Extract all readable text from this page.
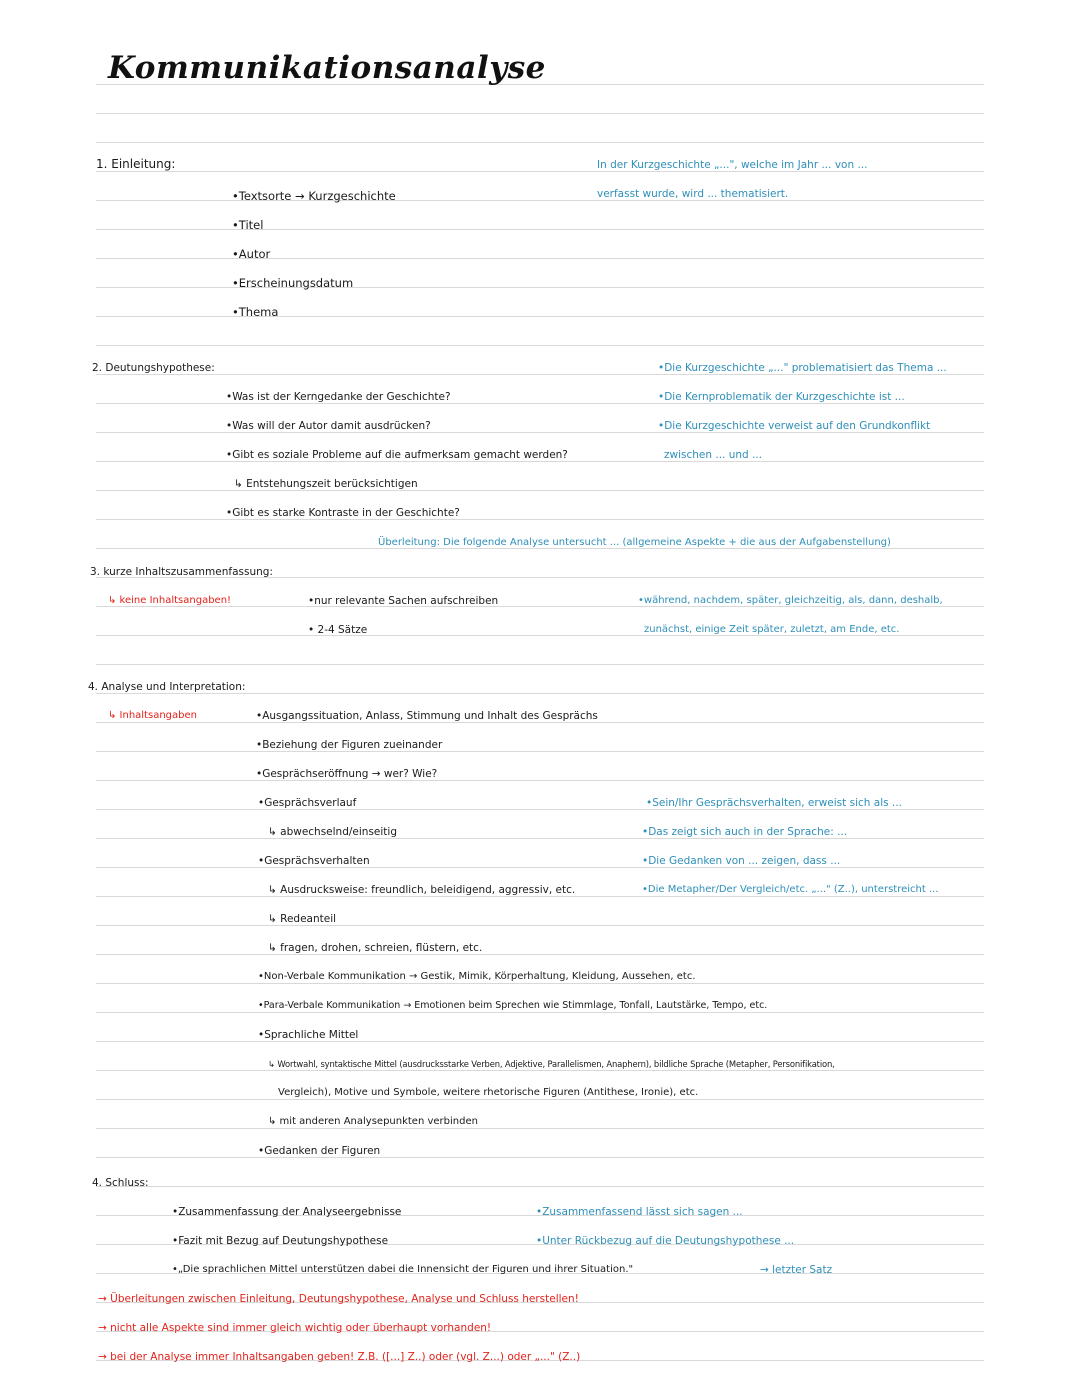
Kommunikationsanalyse
1. Einleitung:
•Textsorte → Kurzgeschichte
•Titel
•Autor
•Erscheinungsdatum
•Thema
In der Kurzgeschichte „...", welche im Jahr ... von ...
verfasst wurde, wird ... thematisiert.
2. Deutungshypothese:
•Was ist der Kerngedanke der Geschichte?
•Was will der Autor damit ausdrücken?
•Gibt es soziale Probleme auf die aufmerksam gemacht werden?
↳ Entstehungszeit berücksichtigen
•Gibt es starke Kontraste in der Geschichte?
•Die Kurzgeschichte „..." problematisiert das Thema ...
•Die Kernproblematik der Kurzgeschichte ist ...
•Die Kurzgeschichte verweist auf den Grundkonflikt
zwischen ... und ...
Überleitung: Die folgende Analyse untersucht ... (allgemeine Aspekte + die aus der Aufgabenstellung)
3. kurze Inhaltszusammenfassung:
↳ keine Inhaltsangaben!	•nur relevante Sachen aufschreiben
• 2-4 Sätze
•während, nachdem, später, gleichzeitig, als, dann, deshalb,
zunächst, einige Zeit später, zuletzt, am Ende, etc.
4. Analyse und Interpretation:
↳ Inhaltsangaben	•Ausgangssituation, Anlass, Stimmung und Inhalt des Gesprächs
•Beziehung der Figuren zueinander
•Gesprächseröffnung → wer? Wie?
•Gesprächsverlauf
↳ abwechselnd/einseitig
•Gesprächsverhalten
↳ Ausdrucksweise: freundlich, beleidigend, aggressiv, etc.
↳ Redeanteil
↳ fragen, drohen, schreien, flüstern, etc.
•Non-Verbale Kommunikation → Gestik, Mimik, Körperhaltung, Kleidung, Aussehen, etc.
•Para-Verbale Kommunikation → Emotionen beim Sprechen wie Stimmlage, Tonfall, Lautstärke, Tempo, etc.
•Sprachliche Mittel
↳ Wortwahl, syntaktische Mittel (ausdrucksstarke Verben, Adjektive, Parallelismen, Anaphern), bildliche Sprache (Metapher, Personifikation,
Vergleich), Motive und Symbole, weitere rhetorische Figuren (Antithese, Ironie), etc.
↳ mit anderen Analysepunkten verbinden
•Gedanken der Figuren
•Sein/Ihr Gesprächsverhalten, erweist sich als ...
•Das zeigt sich auch in der Sprache: ...
•Die Gedanken von ... zeigen, dass ...
•Die Metapher/Der Vergleich/etc. „..." (Z..), unterstreicht ...
4. Schluss:
•Zusammenfassung der Analyseergebnisse
•Fazit mit Bezug auf Deutungshypothese
•„Die sprachlichen Mittel unterstützen dabei die Innensicht der Figuren und ihrer Situation."	→ letzter Satz
•Zusammenfassend lässt sich sagen ...
•Unter Rückbezug auf die Deutungshypothese ...
→ Überleitungen zwischen Einleitung, Deutungshypothese, Analyse und Schluss herstellen!
→ nicht alle Aspekte sind immer gleich wichtig oder überhaupt vorhanden!
→ bei der Analyse immer Inhaltsangaben geben! Z.B. ([...] Z..) oder (vgl. Z...) oder „..." (Z..)
